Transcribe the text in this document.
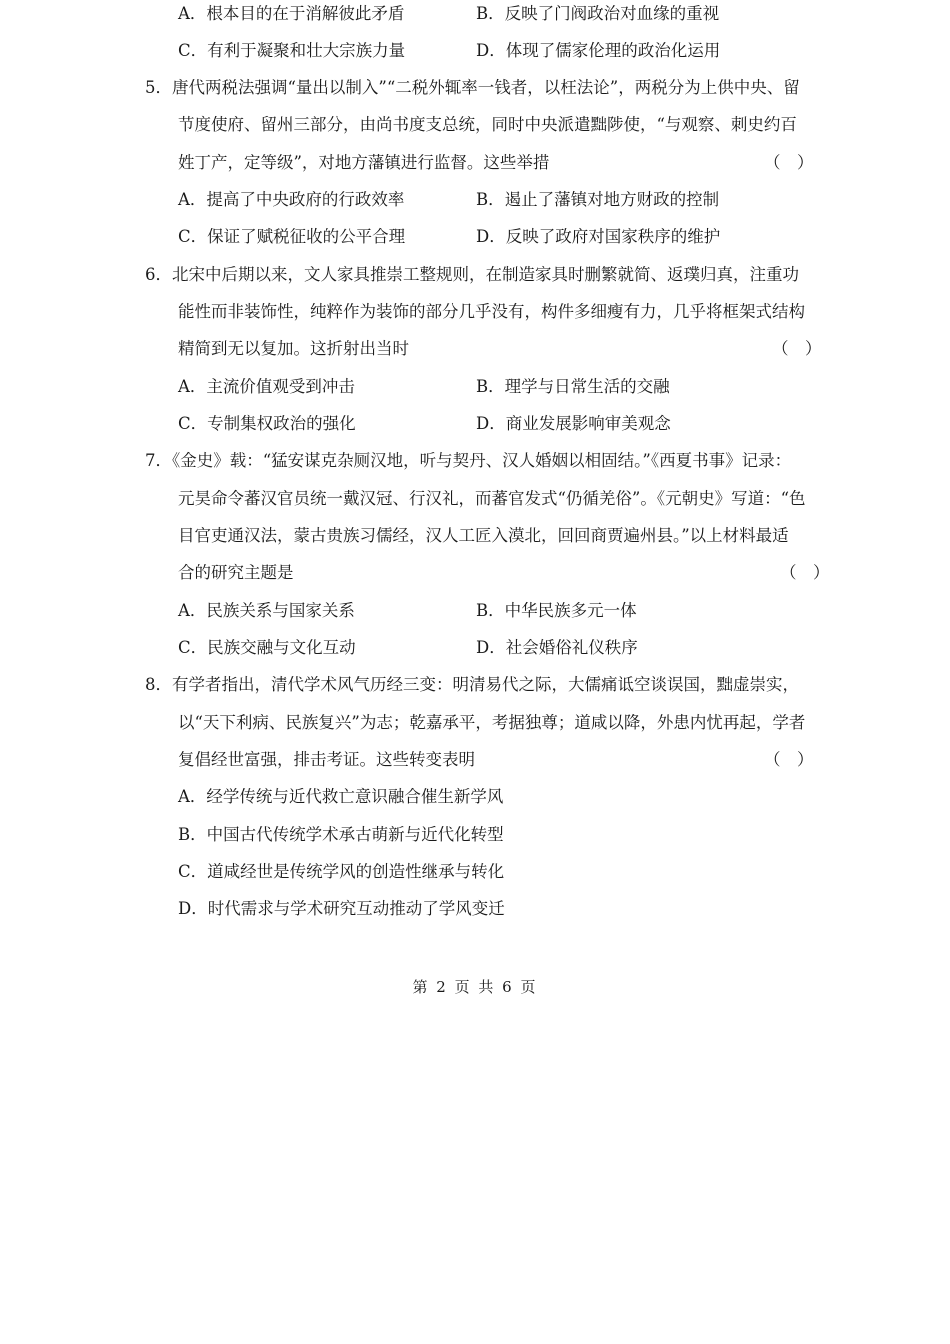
A．根本目的在于消解彼此矛盾	B．反映了门阀政治对血缘的重视
C．有利于凝聚和壮大宗族力量	D．体现了儒家伦理的政治化运用
5．唐代两税法强调“量出以制入”“二税外辄率一钱者，以枉法论”，两税分为上供中央、留
节度使府、留州三部分，由尚书度支总统，同时中央派遣黜陟使，“与观察、刺史约百
姓丁产，定等级”，对地方藩镇进行监督。这些举措	（　）
A．提高了中央政府的行政效率	B．遏止了藩镇对地方财政的控制
C．保证了赋税征收的公平合理	D．反映了政府对国家秩序的维护
6．北宋中后期以来，文人家具推崇工整规则，在制造家具时删繁就简、返璞归真，注重功
能性而非装饰性，纯粹作为装饰的部分几乎没有，构件多细瘦有力，几乎将框架式结构
精简到无以复加。这折射出当时	（　）
A．主流价值观受到冲击	B．理学与日常生活的交融
C．专制集权政治的强化	D．商业发展影响审美观念
7．《金史》载：“猛安谋克杂厕汉地，听与契丹、汉人婚姻以相固结。”《西夏书事》记录：
元昊命令蕃汉官员统一戴汉冠、行汉礼，而蕃官发式“仍循羌俗”。《元朝史》写道：“色
目官吏通汉法，蒙古贵族习儒经，汉人工匠入漠北，回回商贾遍州县。”以上材料最适
合的研究主题是	（　）
A．民族关系与国家关系	B．中华民族多元一体
C．民族交融与文化互动	D．社会婚俗礼仪秩序
8．有学者指出，清代学术风气历经三变：明清易代之际，大儒痛诋空谈误国，黜虚崇实，
以“天下利病、民族复兴”为志；乾嘉承平，考据独尊；道咸以降，外患内忧再起，学者
复倡经世富强，排击考证。这些转变表明	（　）
A．经学传统与近代救亡意识融合催生新学风
B．中国古代传统学术承古萌新与近代化转型
C．道咸经世是传统学风的创造性继承与转化
D．时代需求与学术研究互动推动了学风变迁
第 2 页 共 6 页
